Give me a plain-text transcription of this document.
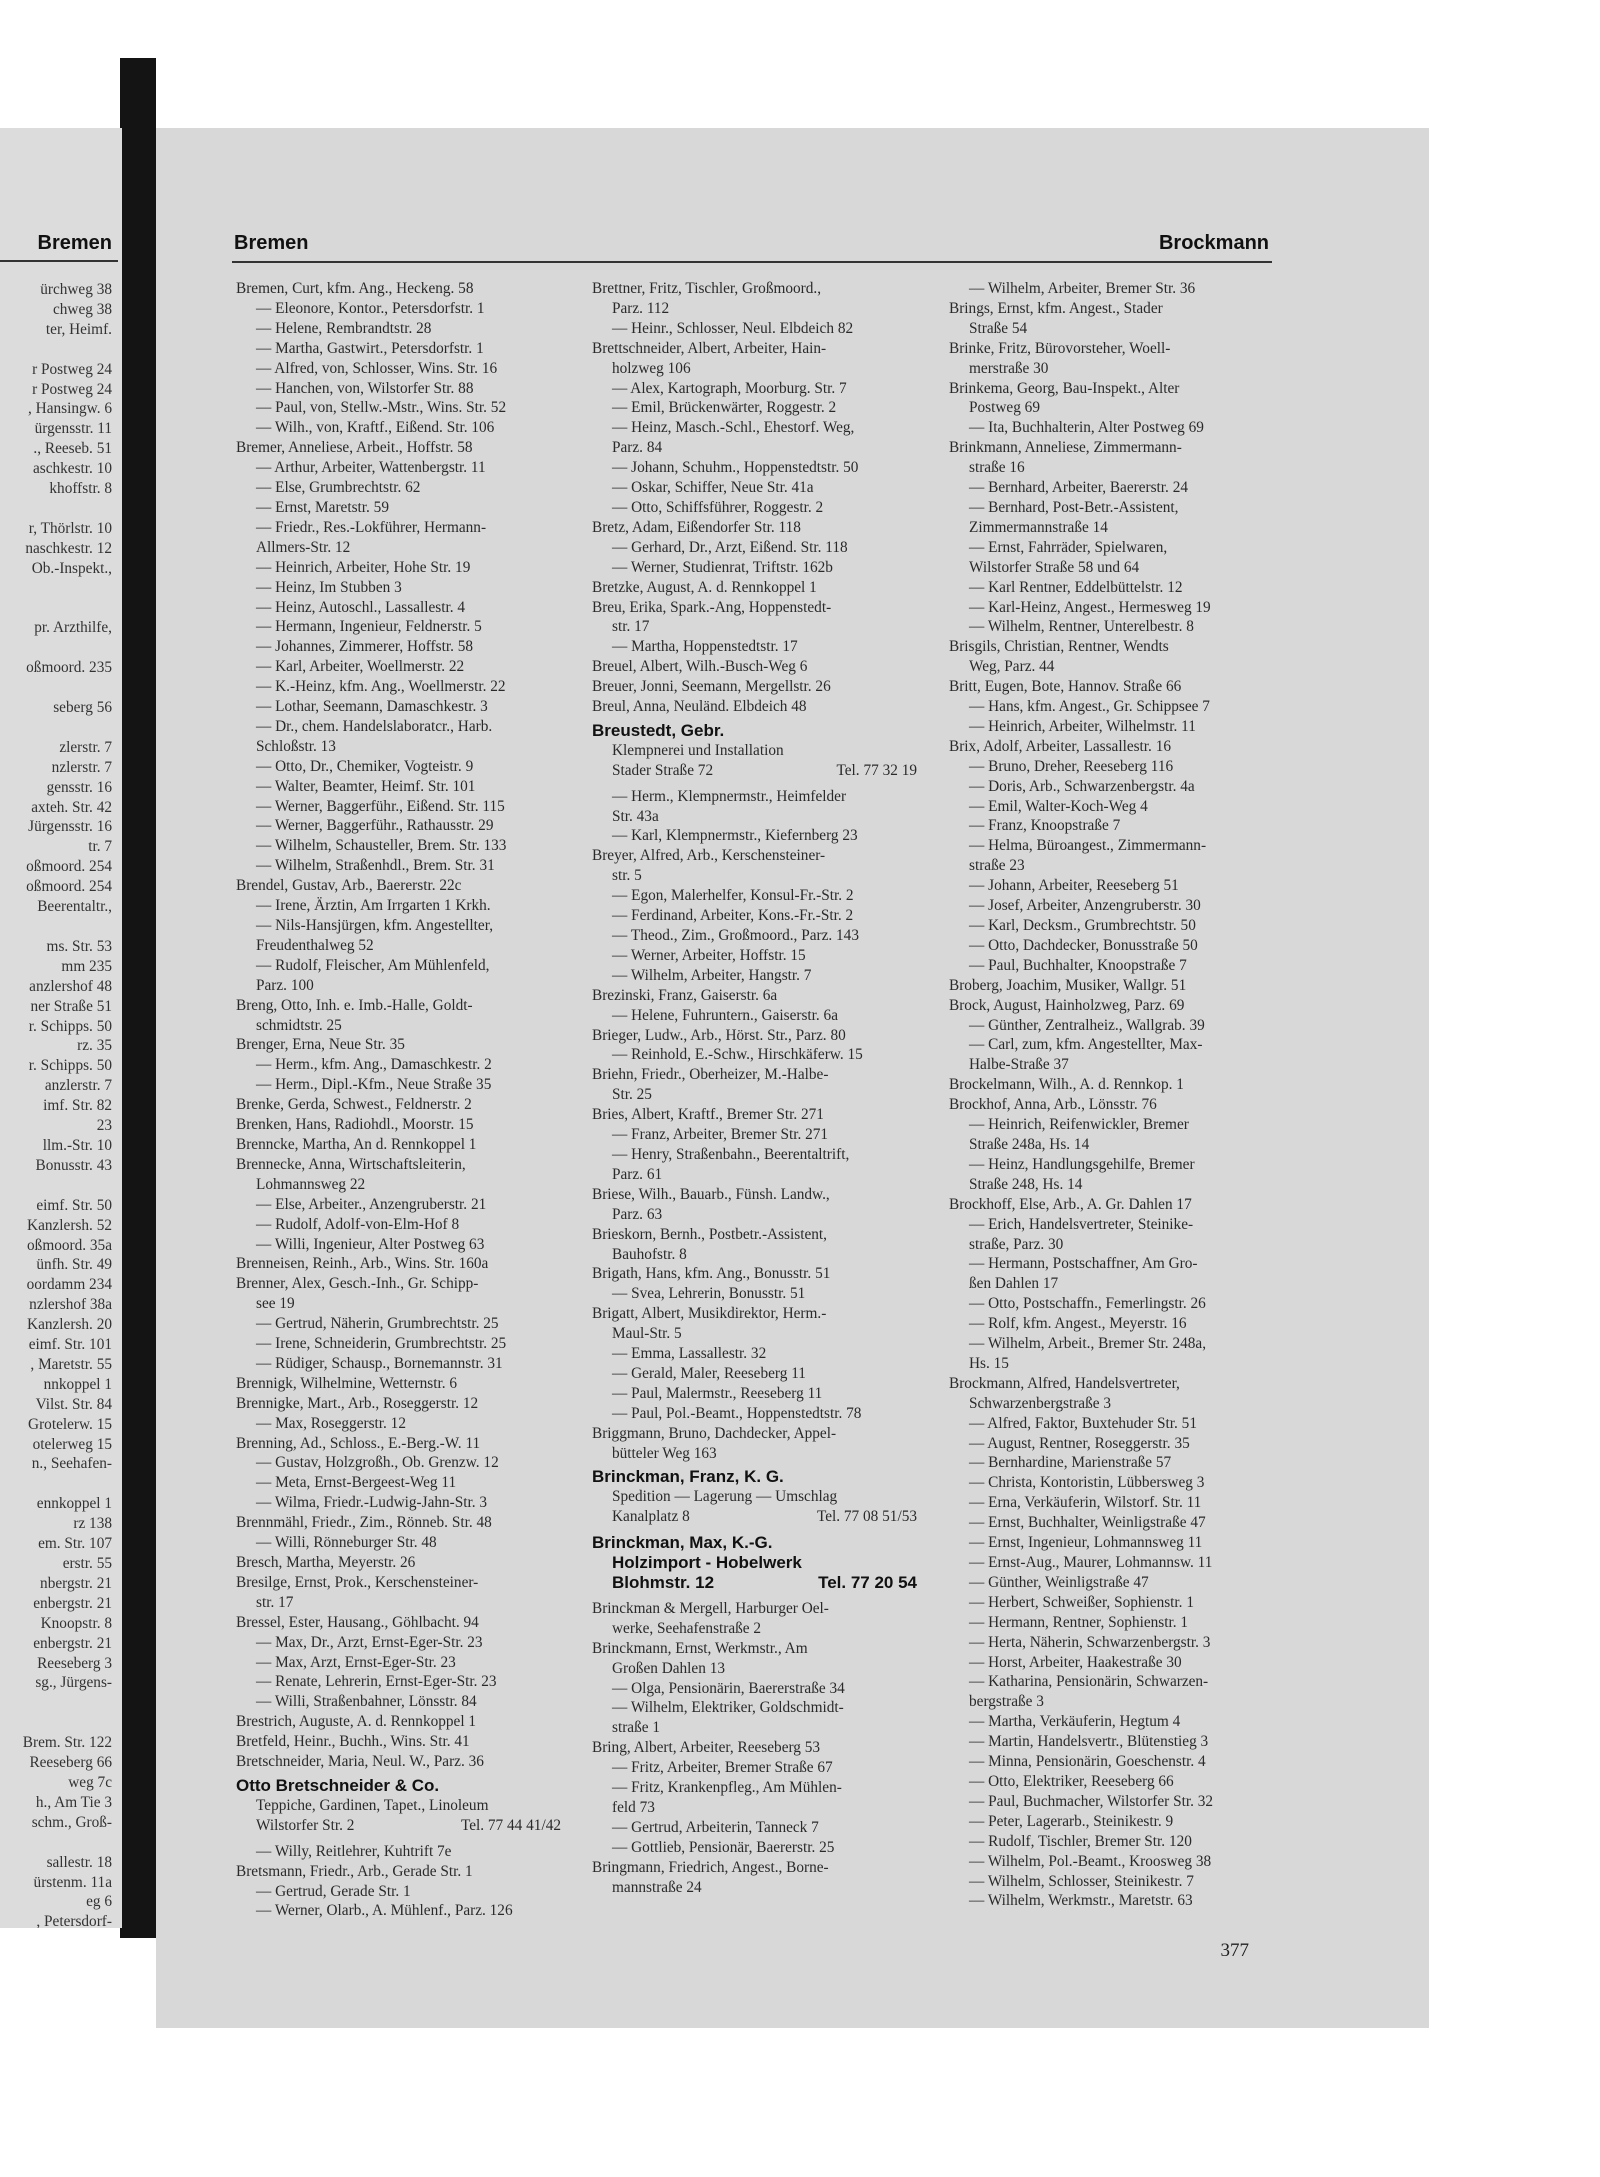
Bremen
ürchweg 38
chweg 38
ter, Heimf.

r Postweg 24
r Postweg 24
, Hansingw. 6
ürgensstr. 11
., Reeseb. 51
aschkestr. 10
khoffstr. 8

r, Thörlstr. 10
naschkestr. 12
Ob.-Inspekt.,

pr. Arzthilfe,

oßmoord. 235

seberg 56

zlerstr. 7
nzlerstr. 7
gensstr. 16
axteh. Str. 42
Jürgensstr. 16
tr. 7
oßmoord. 254
oßmoord. 254
Beerentaltr.,

ms. Str. 53
mm 235
anzlershof 48
ner Straße 51
r. Schipps. 50
rz. 35
r. Schipps. 50
anzlerstr. 7
imf. Str. 82
23
llm.-Str. 10
Bonusstr. 43

eimf. Str. 50
Kanzlersh. 52
oßmoord. 35a
ünfh. Str. 49
oordamm 234
nzlershof 38a
Kanzlersh. 20
eimf. Str. 101
, Maretstr. 55
nnkoppel 1
Vilst. Str. 84
Grotelerw. 15
otelerweg 15
n., Seehafen-

ennkoppel 1
rz 138
em. Str. 107
erstr. 55
nbergstr. 21
enbergstr. 21
Knoopstr. 8
enbergstr. 21
Reeseberg 3
sg., Jürgens-

Brem. Str. 122
Reeseberg 66
weg 7c
h., Am Tie 3
schm., Groß-

sallestr. 18
ürstenm. 11a
eg 6
, Petersdorf-
Bremen	Brockmann
Bremen, Curt, kfm. Ang., Heckeng. 58
— Eleonore, Kontor., Petersdorfstr. 1
— Helene, Rembrandtstr. 28
— Martha, Gastwirt., Petersdorfstr. 1
— Alfred, von, Schlosser, Wins. Str. 16
— Hanchen, von, Wilstorfer Str. 88
— Paul, von, Stellw.-Mstr., Wins. Str. 52
— Wilh., von, Kraftf., Eißend. Str. 106
Bremer, Anneliese, Arbeit., Hoffstr. 58
— Arthur, Arbeiter, Wattenbergstr. 11
— Else, Grumbrechtstr. 62
— Ernst, Maretstr. 59
— Friedr., Res.-Lokführer, Hermann-
Allmers-Str. 12
— Heinrich, Arbeiter, Hohe Str. 19
— Heinz, Im Stubben 3
— Heinz, Autoschl., Lassallestr. 4
— Hermann, Ingenieur, Feldnerstr. 5
— Johannes, Zimmerer, Hoffstr. 58
— Karl, Arbeiter, Woellmerstr. 22
— K.-Heinz, kfm. Ang., Woellmerstr. 22
— Lothar, Seemann, Damaschkestr. 3
— Dr., chem. Handelslaboratcr., Harb.
Schloßstr. 13
— Otto, Dr., Chemiker, Vogteistr. 9
— Walter, Beamter, Heimf. Str. 101
— Werner, Baggerführ., Eißend. Str. 115
— Werner, Baggerführ., Rathausstr. 29
— Wilhelm, Schausteller, Brem. Str. 133
— Wilhelm, Straßenhdl., Brem. Str. 31
Brendel, Gustav, Arb., Baererstr. 22c
— Irene, Ärztin, Am Irrgarten 1 Krkh.
— Nils-Hansjürgen, kfm. Angestellter,
Freudenthalweg 52
— Rudolf, Fleischer, Am Mühlenfeld,
Parz. 100
Breng, Otto, Inh. e. Imb.-Halle, Goldt-
schmidtstr. 25
Brenger, Erna, Neue Str. 35
— Herm., kfm. Ang., Damaschkestr. 2
— Herm., Dipl.-Kfm., Neue Straße 35
Brenke, Gerda, Schwest., Feldnerstr. 2
Brenken, Hans, Radiohdl., Moorstr. 15
Brenncke, Martha, An d. Rennkoppel 1
Brennecke, Anna, Wirtschaftsleiterin,
Lohmannsweg 22
— Else, Arbeiter., Anzengruberstr. 21
— Rudolf, Adolf-von-Elm-Hof 8
— Willi, Ingenieur, Alter Postweg 63
Brenneisen, Reinh., Arb., Wins. Str. 160a
Brenner, Alex, Gesch.-Inh., Gr. Schipp-
see 19
— Gertrud, Näherin, Grumbrechtstr. 25
— Irene, Schneiderin, Grumbrechtstr. 25
— Rüdiger, Schausp., Bornemannstr. 31
Brennigk, Wilhelmine, Wetternstr. 6
Brennigke, Mart., Arb., Roseggerstr. 12
— Max, Roseggerstr. 12
Brenning, Ad., Schloss., E.-Berg.-W. 11
— Gustav, Holzgroßh., Ob. Grenzw. 12
— Meta, Ernst-Bergeest-Weg 11
— Wilma, Friedr.-Ludwig-Jahn-Str. 3
Brennmähl, Friedr., Zim., Rönneb. Str. 48
— Willi, Rönneburger Str. 48
Bresch, Martha, Meyerstr. 26
Bresilge, Ernst, Prok., Kerschensteiner-
str. 17
Bressel, Ester, Hausang., Göhlbacht. 94
— Max, Dr., Arzt, Ernst-Eger-Str. 23
— Max, Arzt, Ernst-Eger-Str. 23
— Renate, Lehrerin, Ernst-Eger-Str. 23
— Willi, Straßenbahner, Lönsstr. 84
Brestrich, Auguste, A. d. Rennkoppel 1
Bretfeld, Heinr., Buchh., Wins. Str. 41
Bretschneider, Maria, Neul. W., Parz. 36
Otto Bretschneider & Co.
Teppiche, Gardinen, Tapet., Linoleum
Wilstorfer Str. 2	Tel. 77 44 41/42
— Willy, Reitlehrer, Kuhtrift 7e
Bretsmann, Friedr., Arb., Gerade Str. 1
— Gertrud, Gerade Str. 1
— Werner, Olarb., A. Mühlenf., Parz. 126
Brettner, Fritz, Tischler, Großmoord.,
Parz. 112
— Heinr., Schlosser, Neul. Elbdeich 82
Brettschneider, Albert, Arbeiter, Hain-
holzweg 106
— Alex, Kartograph, Moorburg. Str. 7
— Emil, Brückenwärter, Roggestr. 2
— Heinz, Masch.-Schl., Ehestorf. Weg,
Parz. 84
— Johann, Schuhm., Hoppenstedtstr. 50
— Oskar, Schiffer, Neue Str. 41a
— Otto, Schiffsführer, Roggestr. 2
Bretz, Adam, Eißendorfer Str. 118
— Gerhard, Dr., Arzt, Eißend. Str. 118
— Werner, Studienrat, Triftstr. 162b
Bretzke, August, A. d. Rennkoppel 1
Breu, Erika, Spark.-Ang, Hoppenstedt-
str. 17
— Martha, Hoppenstedtstr. 17
Breuel, Albert, Wilh.-Busch-Weg 6
Breuer, Jonni, Seemann, Mergellstr. 26
Breul, Anna, Neuländ. Elbdeich 48
Breustedt, Gebr.
Klempnerei und Installation
Stader Straße 72	Tel. 77 32 19
— Herm., Klempnermstr., Heimfelder
Str. 43a
— Karl, Klempnermstr., Kiefernberg 23
Breyer, Alfred, Arb., Kerschensteiner-
str. 5
— Egon, Malerhelfer, Konsul-Fr.-Str. 2
— Ferdinand, Arbeiter, Kons.-Fr.-Str. 2
— Theod., Zim., Großmoord., Parz. 143
— Werner, Arbeiter, Hoffstr. 15
— Wilhelm, Arbeiter, Hangstr. 7
Brezinski, Franz, Gaiserstr. 6a
— Helene, Fuhruntern., Gaiserstr. 6a
Brieger, Ludw., Arb., Hörst. Str., Parz. 80
— Reinhold, E.-Schw., Hirschkäferw. 15
Briehn, Friedr., Oberheizer, M.-Halbe-
Str. 25
Bries, Albert, Kraftf., Bremer Str. 271
— Franz, Arbeiter, Bremer Str. 271
— Henry, Straßenbahn., Beerentaltrift,
Parz. 61
Briese, Wilh., Bauarb., Fünsh. Landw.,
Parz. 63
Brieskorn, Bernh., Postbetr.-Assistent,
Bauhofstr. 8
Brigath, Hans, kfm. Ang., Bonusstr. 51
— Svea, Lehrerin, Bonusstr. 51
Brigatt, Albert, Musikdirektor, Herm.-
Maul-Str. 5
— Emma, Lassallestr. 32
— Gerald, Maler, Reeseberg 11
— Paul, Malermstr., Reeseberg 11
— Paul, Pol.-Beamt., Hoppenstedtstr. 78
Briggmann, Bruno, Dachdecker, Appel-
bütteler Weg 163
Brinckman, Franz, K. G.
Spedition — Lagerung — Umschlag
Kanalplatz 8	Tel. 77 08 51/53
Brinckman, Max, K.-G.
Holzimport - Hobelwerk
Blohmstr. 12	Tel. 77 20 54
Brinckman & Mergell, Harburger Oel-
werke, Seehafenstraße 2
Brinckmann, Ernst, Werkmstr., Am
Großen Dahlen 13
— Olga, Pensionärin, Baererstraße 34
— Wilhelm, Elektriker, Goldschmidt-
straße 1
Bring, Albert, Arbeiter, Reeseberg 53
— Fritz, Arbeiter, Bremer Straße 67
— Fritz, Krankenpfleg., Am Mühlen-
feld 73
— Gertrud, Arbeiterin, Tanneck 7
— Gottlieb, Pensionär, Baererstr. 25
Bringmann, Friedrich, Angest., Borne-
mannstraße 24
— Wilhelm, Arbeiter, Bremer Str. 36
Brings, Ernst, kfm. Angest., Stader
Straße 54
Brinke, Fritz, Bürovorsteher, Woell-
merstraße 30
Brinkema, Georg, Bau-Inspekt., Alter
Postweg 69
— Ita, Buchhalterin, Alter Postweg 69
Brinkmann, Anneliese, Zimmermann-
straße 16
— Bernhard, Arbeiter, Baererstr. 24
— Bernhard, Post-Betr.-Assistent,
Zimmermannstraße 14
— Ernst, Fahrräder, Spielwaren,
Wilstorfer Straße 58 und 64
— Karl Rentner, Eddelbüttelstr. 12
— Karl-Heinz, Angest., Hermesweg 19
— Wilhelm, Rentner, Unterelbestr. 8
Brisgils, Christian, Rentner, Wendts
Weg, Parz. 44
Britt, Eugen, Bote, Hannov. Straße 66
— Hans, kfm. Angest., Gr. Schippsee 7
— Heinrich, Arbeiter, Wilhelmstr. 11
Brix, Adolf, Arbeiter, Lassallestr. 16
— Bruno, Dreher, Reeseberg 116
— Doris, Arb., Schwarzenbergstr. 4a
— Emil, Walter-Koch-Weg 4
— Franz, Knoopstraße 7
— Helma, Büroangest., Zimmermann-
straße 23
— Johann, Arbeiter, Reeseberg 51
— Josef, Arbeiter, Anzengruberstr. 30
— Karl, Decksm., Grumbrechtstr. 50
— Otto, Dachdecker, Bonusstraße 50
— Paul, Buchhalter, Knoopstraße 7
Broberg, Joachim, Musiker, Wallgr. 51
Brock, August, Hainholzweg, Parz. 69
— Günther, Zentralheiz., Wallgrab. 39
— Carl, zum, kfm. Angestellter, Max-
Halbe-Straße 37
Brockelmann, Wilh., A. d. Rennkop. 1
Brockhof, Anna, Arb., Lönsstr. 76
— Heinrich, Reifenwickler, Bremer
Straße 248a, Hs. 14
— Heinz, Handlungsgehilfe, Bremer
Straße 248, Hs. 14
Brockhoff, Else, Arb., A. Gr. Dahlen 17
— Erich, Handelsvertreter, Steinike-
straße, Parz. 30
— Hermann, Postschaffner, Am Gro-
ßen Dahlen 17
— Otto, Postschaffn., Femerlingstr. 26
— Rolf, kfm. Angest., Meyerstr. 16
— Wilhelm, Arbeit., Bremer Str. 248a,
Hs. 15
Brockmann, Alfred, Handelsvertreter,
Schwarzenbergstraße 3
— Alfred, Faktor, Buxtehuder Str. 51
— August, Rentner, Roseggerstr. 35
— Bernhardine, Marienstraße 57
— Christa, Kontoristin, Lübbersweg 3
— Erna, Verkäuferin, Wilstorf. Str. 11
— Ernst, Buchhalter, Weinligstraße 47
— Ernst, Ingenieur, Lohmannsweg 11
— Ernst-Aug., Maurer, Lohmannsw. 11
— Günther, Weinligstraße 47
— Herbert, Schweißer, Sophienstr. 1
— Hermann, Rentner, Sophienstr. 1
— Herta, Näherin, Schwarzenbergstr. 3
— Horst, Arbeiter, Haakestraße 30
— Katharina, Pensionärin, Schwarzen-
bergstraße 3
— Martha, Verkäuferin, Hegtum 4
— Martin, Handelsvertr., Blütenstieg 3
— Minna, Pensionärin, Goeschenstr. 4
— Otto, Elektriker, Reeseberg 66
— Paul, Buchmacher, Wilstorfer Str. 32
— Peter, Lagerarb., Steinikestr. 9
— Rudolf, Tischler, Bremer Str. 120
— Wilhelm, Pol.-Beamt., Kroosweg 38
— Wilhelm, Schlosser, Steinikestr. 7
— Wilhelm, Werkmstr., Maretstr. 63
377
